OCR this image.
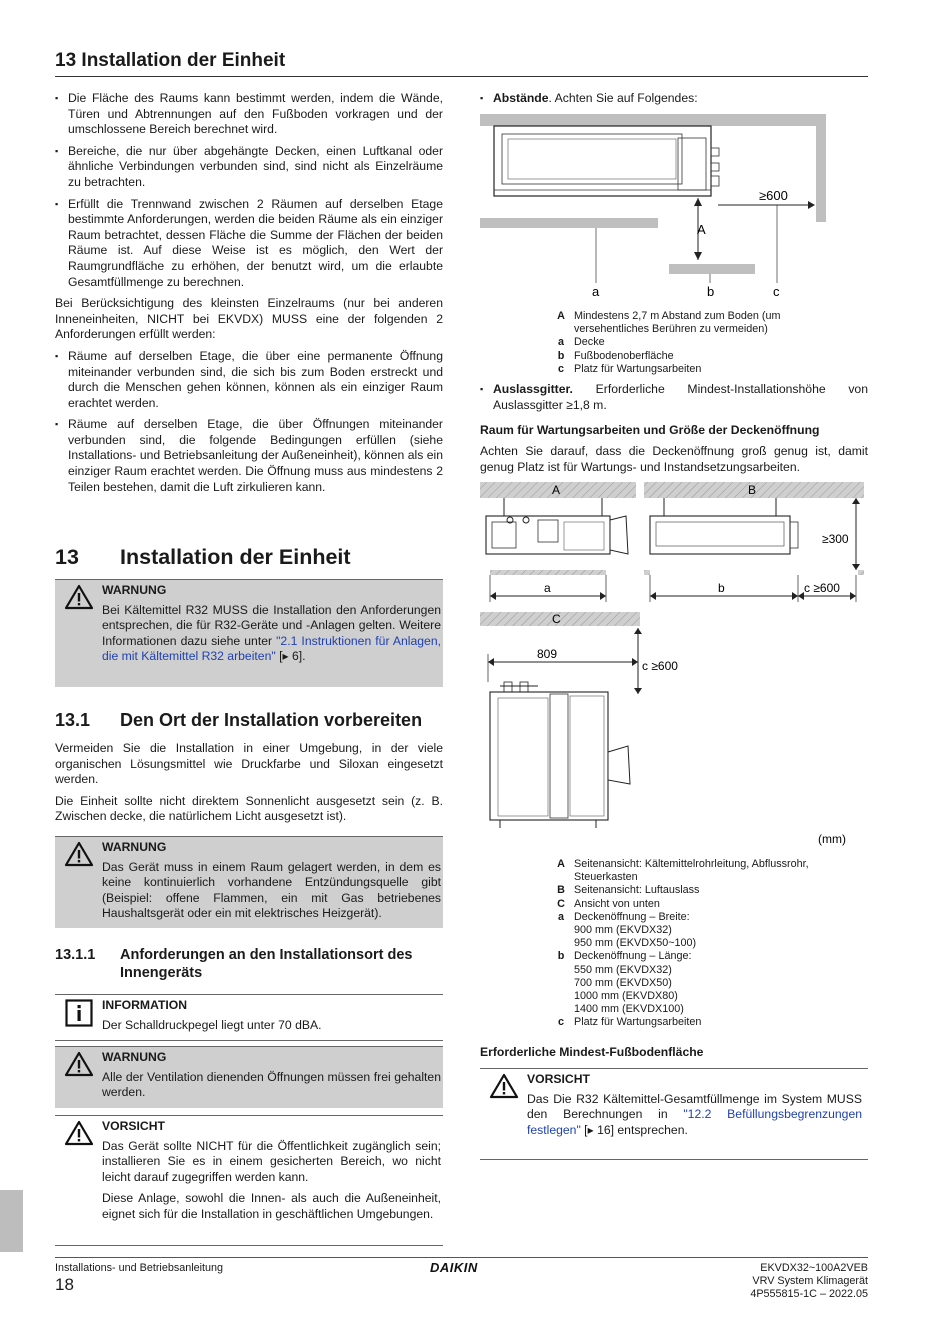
13 Installation der Einheit
▪ Die Fläche des Raums kann bestimmt werden, indem die Wände, Türen und Abtrennungen auf den Fußboden vorkragen und der umschlossene Bereich berechnet wird.
▪ Bereiche, die nur über abgehängte Decken, einen Luftkanal oder ähnliche Verbindungen verbunden sind, sind nicht als Einzelräume zu betrachten.
▪ Erfüllt die Trennwand zwischen 2 Räumen auf derselben Etage bestimmte Anforderungen, werden die beiden Räume als ein einziger Raum betrachtet, dessen Fläche die Summe der Flächen der beiden Räume ist. Auf diese Weise ist es möglich, den Wert der Raumgrundfläche zu erhöhen, der benutzt wird, um die erlaubte Gesamtfüllmenge zu berechnen.

Bei Berücksichtigung des kleinsten Einzelraums (nur bei anderen Inneneinheiten, NICHT bei EKVDX) MUSS eine der folgenden 2 Anforderungen erfüllt werden:

▪ Räume auf derselben Etage, die über eine permanente Öffnung miteinander verbunden sind, die sich bis zum Boden erstreckt und durch die Menschen gehen können, können als ein einziger Raum erachtet werden.
▪ Räume auf derselben Etage, die über Öffnungen miteinander verbunden sind, die folgende Bedingungen erfüllen (siehe Installations- und Betriebsanleitung der Außeneinheit), können als ein einziger Raum erachtet werden. Die Öffnung muss aus mindestens 2 Teilen bestehen, damit die Luft zirkulieren kann.
13	Installation der Einheit
WARNUNG
Bei Kältemittel R32 MUSS die Installation den Anforderungen entsprechen, die für R32-Geräte und -Anlagen gelten. Weitere Informationen dazu siehe unter "2.1 Instruktionen für Anlagen, die mit Kältemittel R32 arbeiten" [▸ 6].
13.1	Den Ort der Installation vorbereiten

Vermeiden Sie die Installation in einer Umgebung, in der viele organischen Lösungsmittel wie Druckfarbe und Siloxan eingesetzt werden.

Die Einheit sollte nicht direktem Sonnenlicht ausgesetzt sein (z. B. Zwischen decke, die natürlichem Licht ausgesetzt ist).

WARNUNG
Das Gerät muss in einem Raum gelagert werden, in dem es keine kontinuierlich vorhandene Entzündungsquelle gibt (Beispiel: offene Flammen, ein mit Gas betriebenes Haushaltsgerät oder ein mit elektrisches Heizgerät).
13.1.1	Anforderungen an den Installationsort des Innengeräts
INFORMATION
Der Schalldruckpegel liegt unter 70 dBA.
WARNUNG
Alle der Ventilation dienenden Öffnungen müssen frei gehalten werden.
VORSICHT
Das Gerät sollte NICHT für die Öffentlichkeit zugänglich sein; installieren Sie es in einem gesicherten Bereich, wo nicht leicht darauf zugegriffen werden kann.
Diese Anlage, sowohl die Innen- als auch die Außeneinheit, eignet sich für die Installation in geschäftlichen Umgebungen.
▪ Abstände. Achten Sie auf Folgendes:
≥600
A
a	b	c
A Mindestens 2,7 m Abstand zum Boden (um versehentliches Berühren zu vermeiden)
a Decke
b Fußbodenoberfläche
c Platz für Wartungsarbeiten
▪ Auslassgitter. Erforderliche Mindest-Installationshöhe von Auslassgitter ≥1,8 m.
Raum für Wartungsarbeiten und Größe der Deckenöffnung

Achten Sie darauf, dass die Deckenöffnung groß genug ist, damit genug Platz ist für Wartungs- und Instandsetzungsarbeiten.

A
a
B
≥300
b	c ≥600
C
809
c ≥600
(mm)
A Seitenansicht: Kältemittelrohrleitung, Abflussrohr, Steuerkasten
B Seitenansicht: Luftauslass
C Ansicht von unten
a Deckenöffnung – Breite:
900 mm (EKVDX32)
950 mm (EKVDX50~100)
b Deckenöffnung – Länge:
550 mm (EKVDX32)
700 mm (EKVDX50)
1000 mm (EKVDX80)
1400 mm (EKVDX100)
c Platz für Wartungsarbeiten
Erforderliche Mindest-Fußbodenfläche
VORSICHT
Das Die R32 Kältemittel-Gesamtfüllmenge im System MUSS den Berechnungen in "12.2 Befüllungsbegrenzungen festlegen" [▸ 16] entsprechen.
Installations- und Betriebsanleitung
18
DAIKIN	EKVDX32~100A2VEB
VRV System Klimagerät
4P555815-1C – 2022.05
